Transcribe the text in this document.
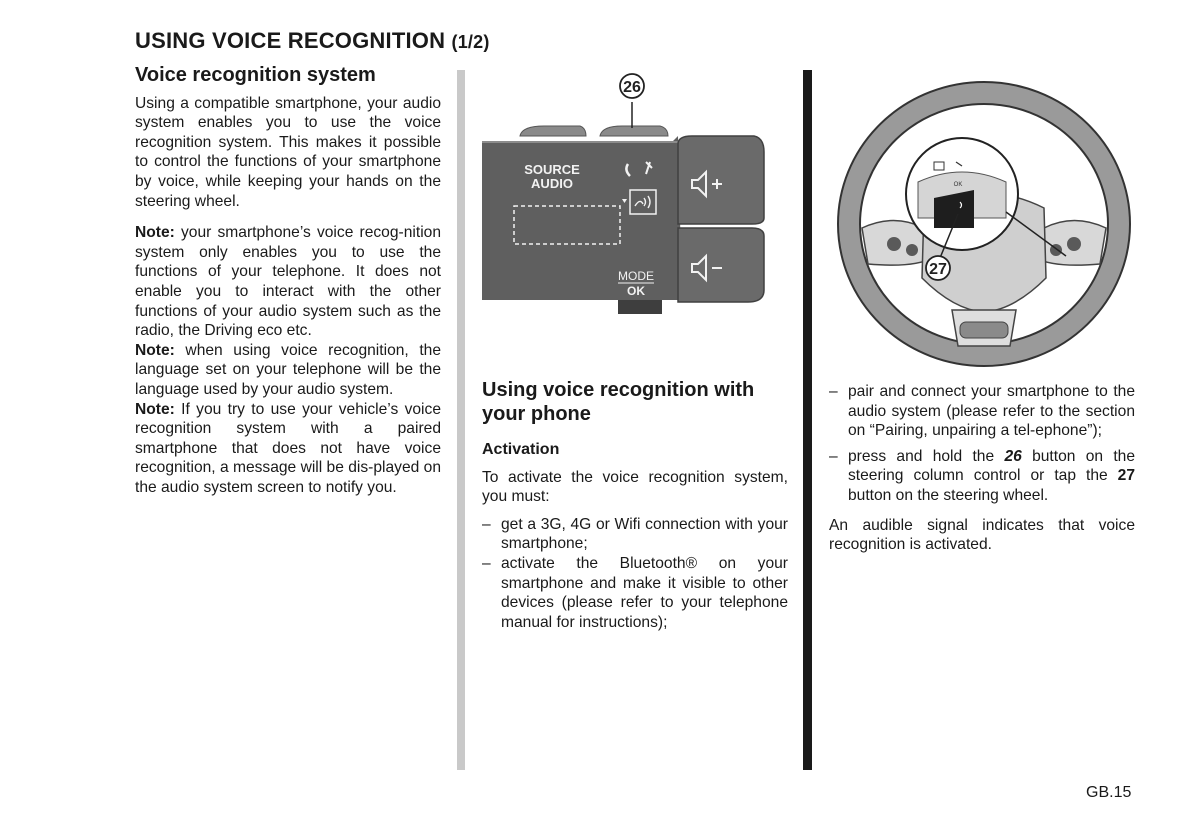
USING VOICE RECOGNITION (1/2)
Voice recognition system

Using a compatible smartphone, your audio system enables you to use the voice recognition system. This makes it possible to control the functions of your smartphone by voice, while keeping your hands on the steering wheel.

Note: your smartphone’s voice recog-nition system only enables you to use the functions of your telephone. It does not enable you to interact with the other functions of your audio system such as the radio, the Driving eco etc.

Note: when using voice recognition, the language set on your telephone will be the language used by your audio system.

Note: If you try to use your vehicle’s voice recognition system with a paired smartphone that does not have voice recognition, a message will be dis-played on the audio system screen to notify you.

SOURCE
AUDIO
MODE
OK
26
Using voice recognition with your phone
Activation

To activate the voice recognition system, you must:

– get a 3G, 4G or Wifi connection with your smartphone;
– activate the Bluetooth® on your smartphone and make it visible to other devices (please refer to your telephone manual for instructions);
OK
27
– pair and connect your smartphone to the audio system (please refer to the section on “Pairing, unpairing a tel-ephone”);
– press and hold the 26 button on the steering column control or tap the 27 button on the steering wheel.

An audible signal indicates that voice recognition is activated.

GB.15
